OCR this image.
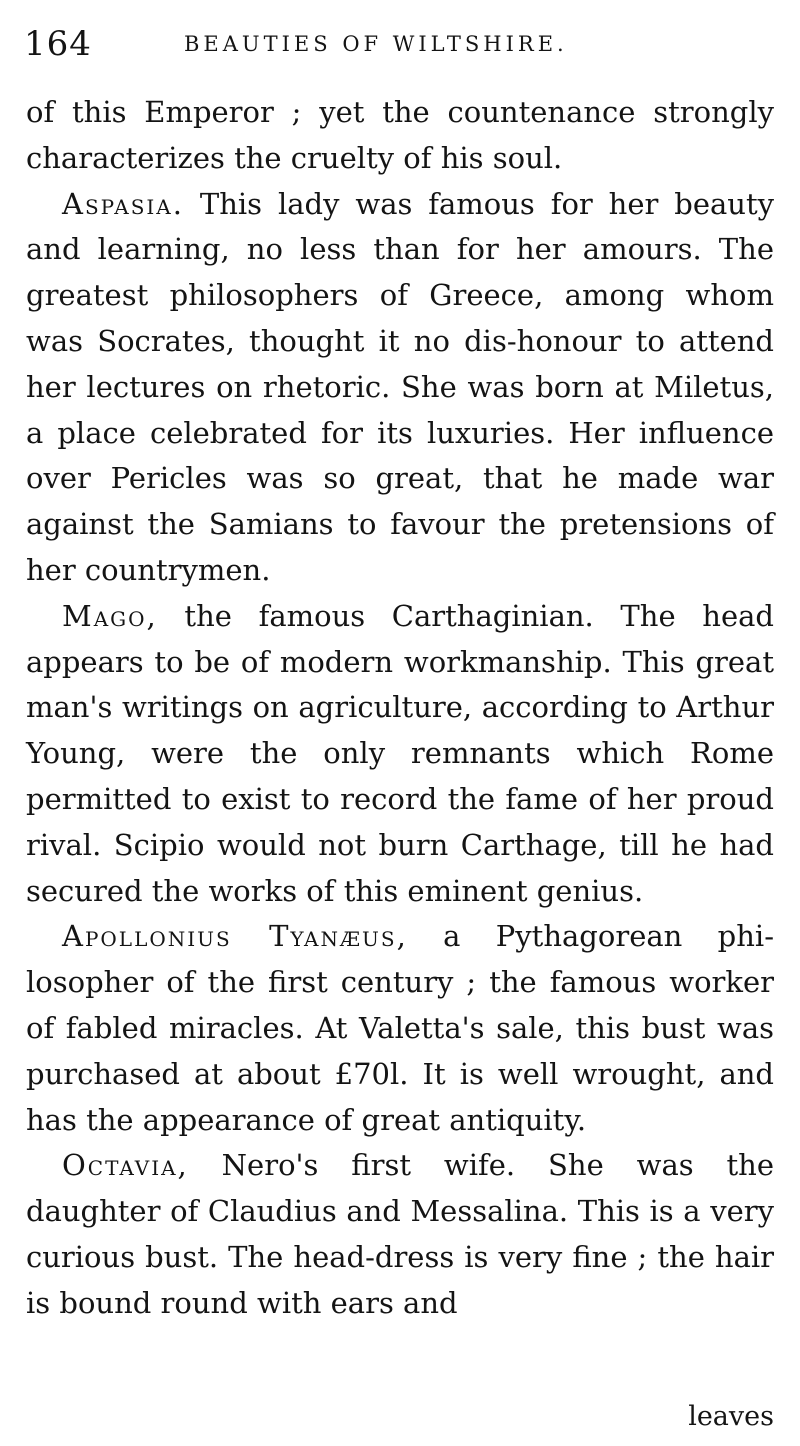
164	BEAUTIES OF WILTSHIRE.

of this Emperor ; yet the countenance strongly characterizes the cruelty of his soul.

Aspasia. This lady was famous for her beauty and learning, no less than for her amours. The greatest philosophers of Greece, among whom was Socrates, thought it no dis-honour to attend her lectures on rhetoric. She was born at Miletus, a place celebrated for its luxuries. Her influence over Pericles was so great, that he made war against the Samians to favour the pretensions of her countrymen.

Mago, the famous Carthaginian. The head appears to be of modern workmanship. This great man's writings on agriculture, according to Arthur Young, were the only remnants which Rome permitted to exist to record the fame of her proud rival. Scipio would not burn Carthage, till he had secured the works of this eminent genius.

Apollonius Tyanæus, a Pythagorean phi-losopher of the first century ; the famous worker of fabled miracles. At Valetta's sale, this bust was purchased at about £70l. It is well wrought, and has the appearance of great antiquity.

Octavia, Nero's first wife. She was the daughter of Claudius and Messalina. This is a very curious bust. The head-dress is very fine ; the hair is bound round with ears and

leaves
